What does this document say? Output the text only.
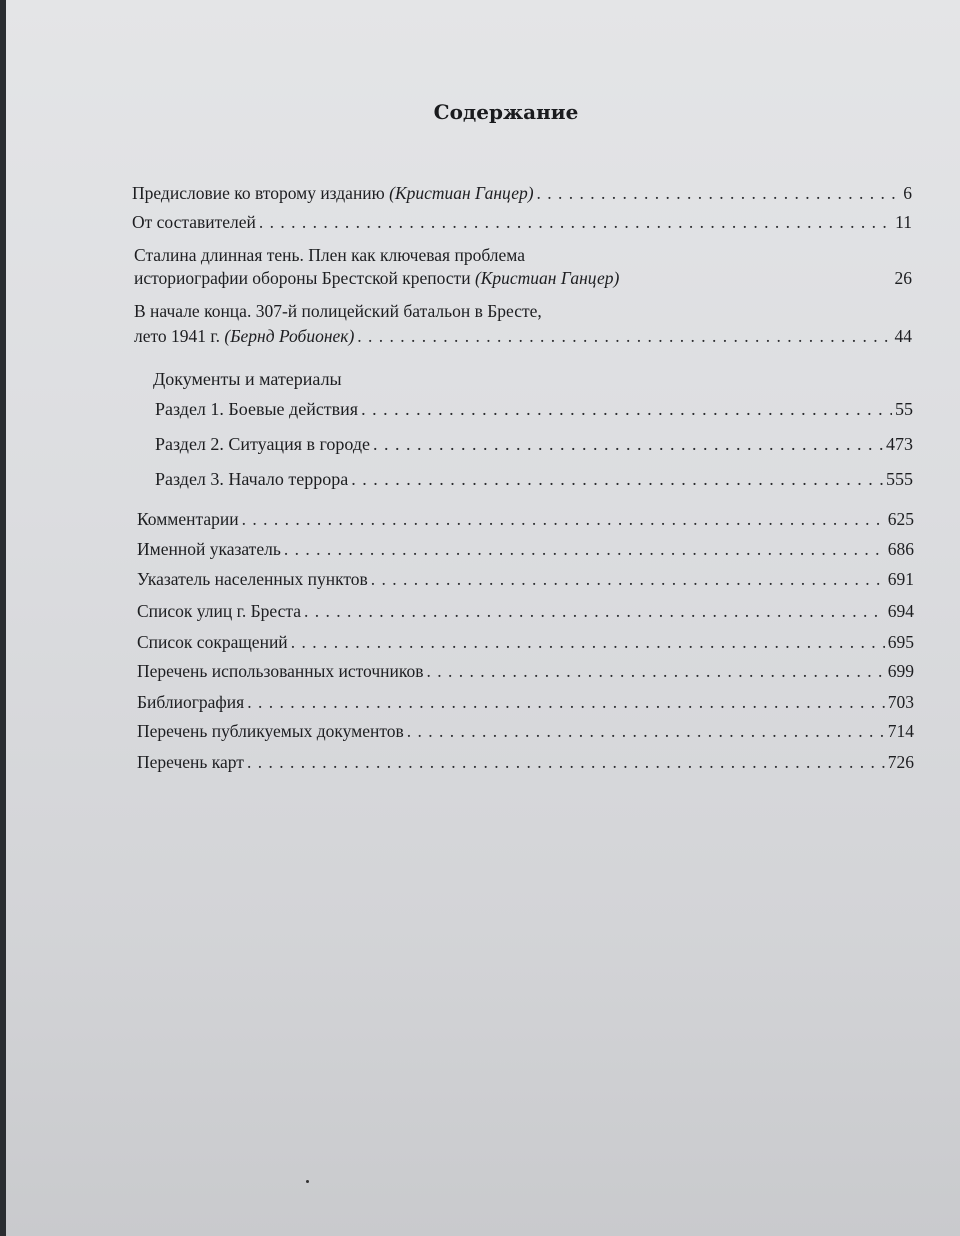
Содержание
Предисловие ко второму изданию (Кристиан Ганцер) . . .	6
От составителей . . .	11
Сталина длинная тень. Плен как ключевая проблема
историографии обороны Брестской крепости (Кристиан Ганцер)	26
В начале конца. 307-й полицейский батальон в Бресте,
лето 1941 г. (Бернд Робионек) . . .	44
Документы и материалы
Раздел 1. Боевые действия . . .	55
Раздел 2. Ситуация в городе . . .	473
Раздел 3. Начало террора . . .	555
Комментарии . . .	625
Именной указатель . . .	686
Указатель населенных пунктов . . .	691
Список улиц г. Бреста . . .	694
Список сокращений . . .	695
Перечень использованных источников . . .	699
Библиография . . .	703
Перечень публикуемых документов . . .	714
Перечень карт . . .	726
